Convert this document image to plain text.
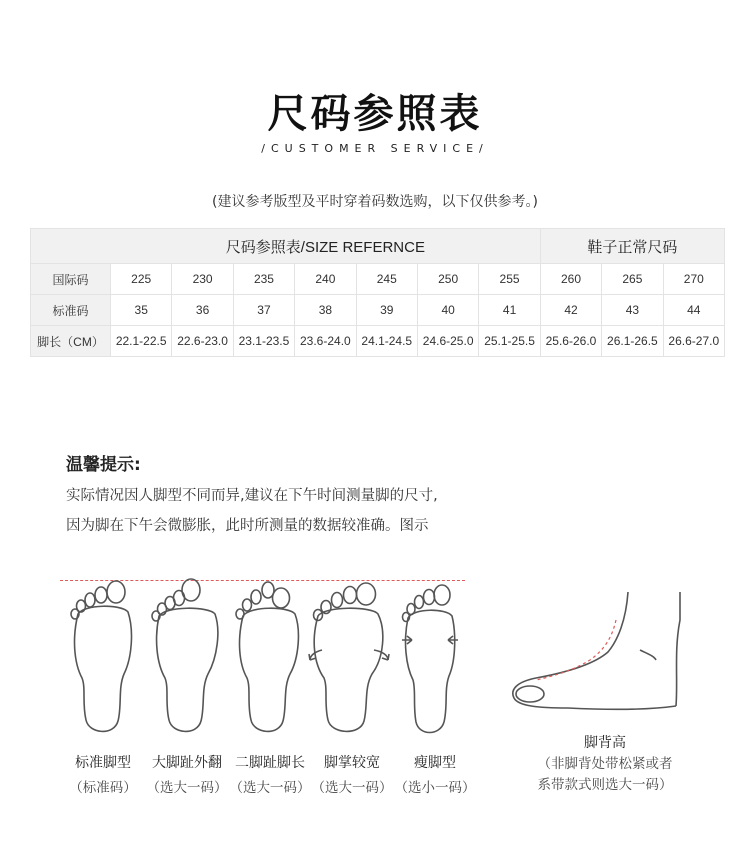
尺码参照表
/CUSTOMER SERVICE/
(建议参考版型及平时穿着码数选购，以下仅供参考。)
尺码参照表/SIZE REFERNCE								鞋子正常尺码		
国际码	225	230	235	240	245	250	255	260	265	270
标准码	35	36	37	38	39	40	41	42	43	44
脚长（CM）	22.1-22.5	22.6-23.0	23.1-23.5	23.6-24.0	24.1-24.5	24.6-25.0	25.1-25.5	25.6-26.0	26.1-26.5	26.6-27.0
温馨提示:
实际情况因人脚型不同而异,建议在下午时间测量脚的尺寸,
因为脚在下午会微膨胀，此时所测量的数据较准确。图示
标准脚型
（标准码）
大脚趾外翻
（选大一码）
二脚趾脚长
（选大一码）
脚掌较宽
（选大一码）
瘦脚型
（选小一码）
脚背高
（非脚背处带松紧或者
系带款式则选大一码）
